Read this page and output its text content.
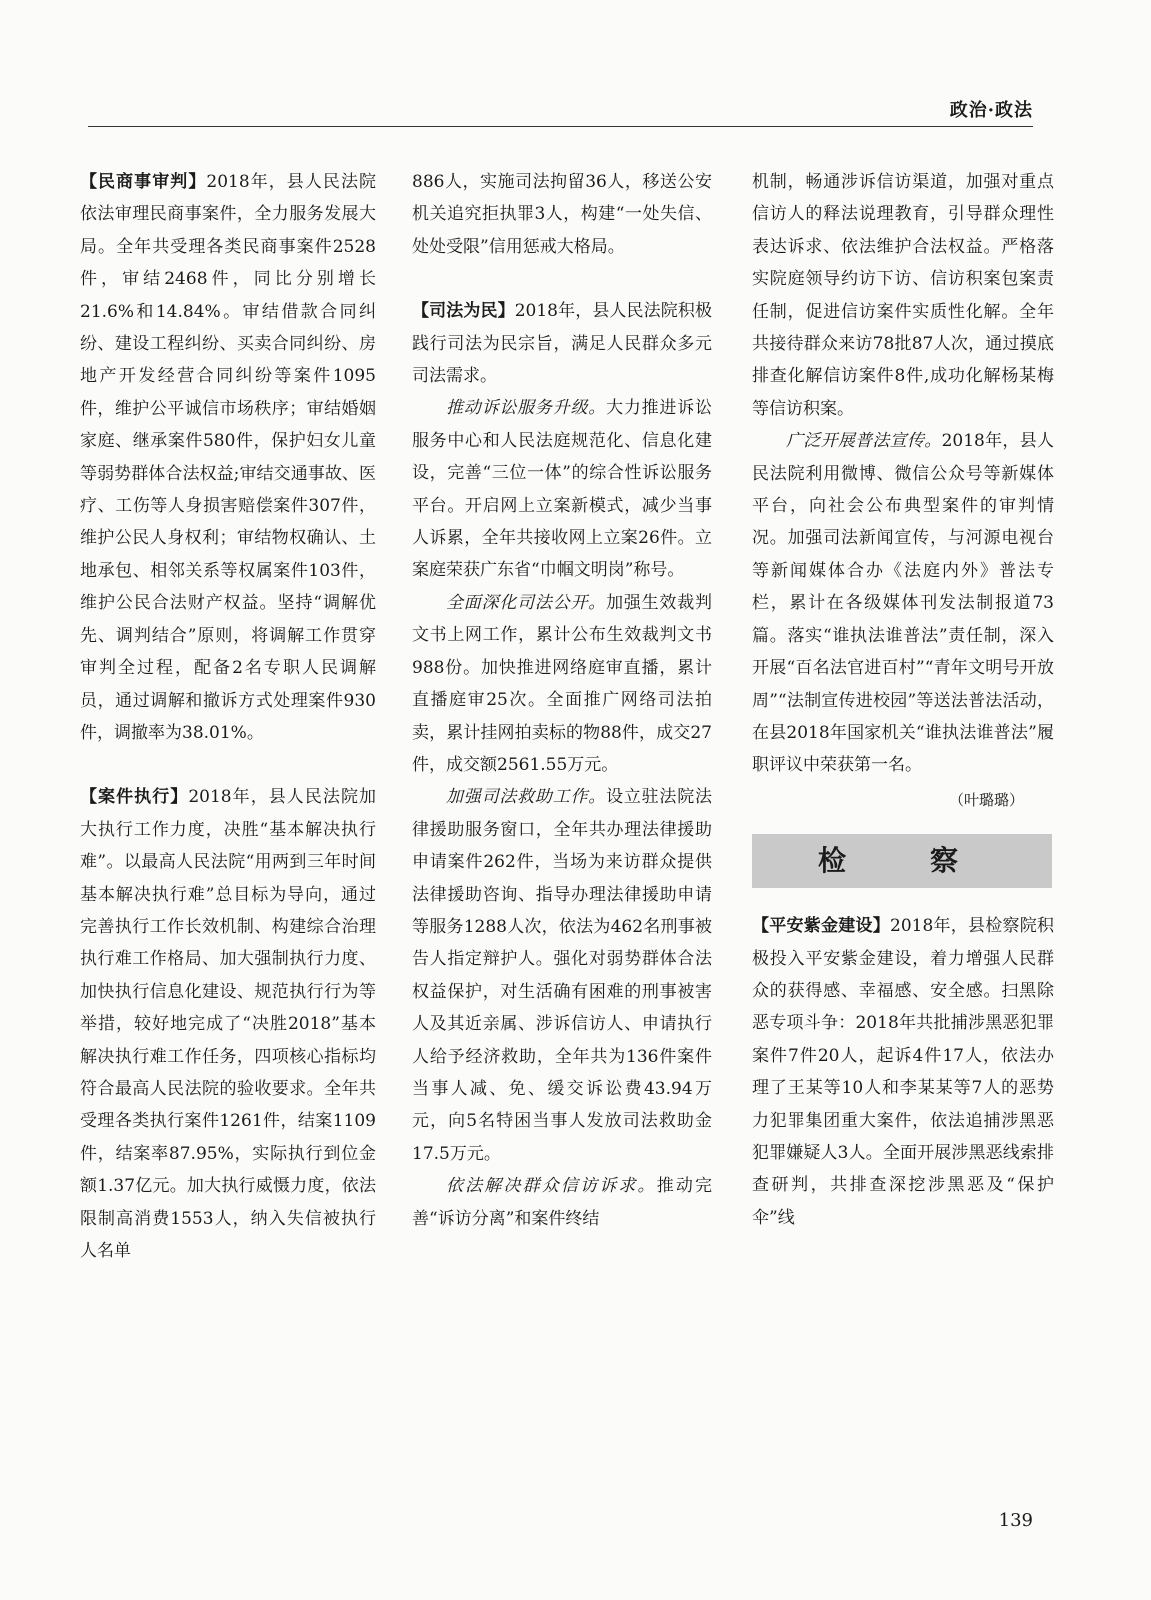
政治·政法

【民商事审判】2018年，县人民法院依法审理民商事案件，全力服务发展大局。全年共受理各类民商事案件2528件，审结2468件，同比分别增长21.6%和14.84%。审结借款合同纠纷、建设工程纠纷、买卖合同纠纷、房地产开发经营合同纠纷等案件1095件，维护公平诚信市场秩序；审结婚姻家庭、继承案件580件，保护妇女儿童等弱势群体合法权益;审结交通事故、医疗、工伤等人身损害赔偿案件307件，维护公民人身权利；审结物权确认、土地承包、相邻关系等权属案件103件，维护公民合法财产权益。坚持“调解优先、调判结合”原则，将调解工作贯穿审判全过程，配备2名专职人民调解员，通过调解和撤诉方式处理案件930件，调撤率为38.01%。

【案件执行】2018年，县人民法院加大执行工作力度，决胜“基本解决执行难”。以最高人民法院“用两到三年时间基本解决执行难”总目标为导向，通过完善执行工作长效机制、构建综合治理执行难工作格局、加大强制执行力度、加快执行信息化建设、规范执行行为等举措，较好地完成了“决胜2018”基本解决执行难工作任务，四项核心指标均符合最高人民法院的验收要求。全年共受理各类执行案件1261件，结案1109件，结案率87.95%，实际执行到位金额1.37亿元。加大执行威慑力度，依法限制高消费1553人，纳入失信被执行人名单

886人，实施司法拘留36人，移送公安机关追究拒执罪3人，构建“一处失信、处处受限”信用惩戒大格局。

【司法为民】2018年，县人民法院积极践行司法为民宗旨，满足人民群众多元司法需求。

推动诉讼服务升级。大力推进诉讼服务中心和人民法庭规范化、信息化建设，完善“三位一体”的综合性诉讼服务平台。开启网上立案新模式，减少当事人诉累，全年共接收网上立案26件。立案庭荣获广东省“巾帼文明岗”称号。

全面深化司法公开。加强生效裁判文书上网工作，累计公布生效裁判文书988份。加快推进网络庭审直播，累计直播庭审25次。全面推广网络司法拍卖，累计挂网拍卖标的物88件，成交27件，成交额2561.55万元。

加强司法救助工作。设立驻法院法律援助服务窗口，全年共办理法律援助申请案件262件，当场为来访群众提供法律援助咨询、指导办理法律援助申请等服务1288人次，依法为462名刑事被告人指定辩护人。强化对弱势群体合法权益保护，对生活确有困难的刑事被害人及其近亲属、涉诉信访人、申请执行人给予经济救助，全年共为136件案件当事人减、免、缓交诉讼费43.94万元，向5名特困当事人发放司法救助金17.5万元。

依法解决群众信访诉求。推动完善“诉访分离”和案件终结

机制，畅通涉诉信访渠道，加强对重点信访人的释法说理教育，引导群众理性表达诉求、依法维护合法权益。严格落实院庭领导约访下访、信访积案包案责任制，促进信访案件实质性化解。全年共接待群众来访78批87人次，通过摸底排查化解信访案件8件,成功化解杨某梅等信访积案。

广泛开展普法宣传。2018年，县人民法院利用微博、微信公众号等新媒体平台，向社会公布典型案件的审判情况。加强司法新闻宣传，与河源电视台等新闻媒体合办《法庭内外》普法专栏，累计在各级媒体刊发法制报道73篇。落实“谁执法谁普法”责任制，深入开展“百名法官进百村”“青年文明号开放周”“法制宣传进校园”等送法普法活动，在县2018年国家机关“谁执法谁普法”履职评议中荣获第一名。

（叶璐璐）

检　察

【平安紫金建设】2018年，县检察院积极投入平安紫金建设，着力增强人民群众的获得感、幸福感、安全感。扫黑除恶专项斗争：2018年共批捕涉黑恶犯罪案件7件20人，起诉4件17人，依法办理了王某等10人和李某某等7人的恶势力犯罪集团重大案件，依法追捕涉黑恶犯罪嫌疑人3人。全面开展涉黑恶线索排查研判，共排查深挖涉黑恶及“保护伞”线

139
